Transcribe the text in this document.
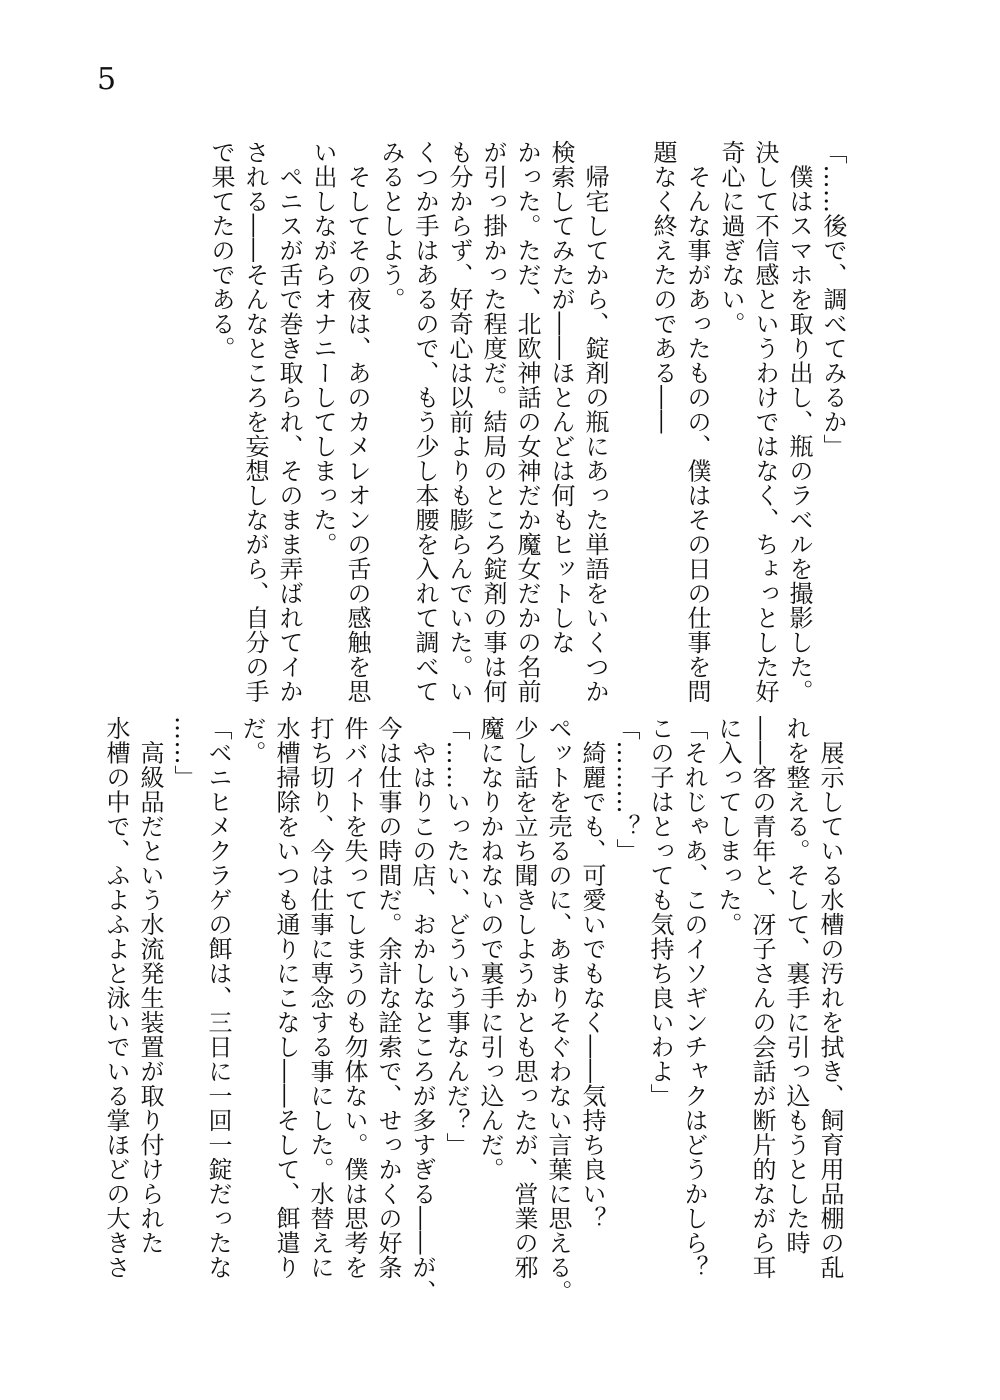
5
「……後で、調べてみるか」
　僕はスマホを取り出し、瓶のラベルを撮影した。
決して不信感というわけではなく、ちょっとした好
奇心に過ぎない。
　そんな事があったものの、僕はその日の仕事を問
題なく終えたのである――
　帰宅してから、錠剤の瓶にあった単語をいくつか
検索してみたが――ほとんどは何もヒットしな
かった。ただ、北欧神話の女神だか魔女だかの名前
が引っ掛かった程度だ。結局のところ錠剤の事は何
も分からず、好奇心は以前よりも膨らんでいた。い
くつか手はあるので、もう少し本腰を入れて調べて
みるとしよう。
　そしてその夜は、あのカメレオンの舌の感触を思
い出しながらオナニーしてしまった。
　ペニスが舌で巻き取られ、そのまま弄ばれてイか
される――そんなところを妄想しながら、自分の手
で果てたのである。
　展示している水槽の汚れを拭き、飼育用品棚の乱
れを整える。そして、裏手に引っ込もうとした時
――客の青年と、冴子さんの会話が断片的ながら耳
に入ってしまった。
「それじゃあ、このイソギンチャクはどうかしら？
この子はとっても気持ち良いわよ」
「………？」
　綺麗でも、可愛いでもなく――気持ち良い？
ペットを売るのに、あまりそぐわない言葉に思える。
少し話を立ち聞きしようかとも思ったが、営業の邪
魔になりかねないので裏手に引っ込んだ。
「……いったい、どういう事なんだ？」
　やはりこの店、おかしなところが多すぎる――が、
今は仕事の時間だ。余計な詮索で、せっかくの好条
件バイトを失ってしまうのも勿体ない。僕は思考を
打ち切り、今は仕事に専念する事にした。水替えに
水槽掃除をいつも通りにこなし――そして、餌遣り
だ。
「ベニヒメクラゲの餌は、三日に一回一錠だったな
……」
　高級品だという水流発生装置が取り付けられた
水槽の中で、ふよふよと泳いでいる掌ほどの大きさ
